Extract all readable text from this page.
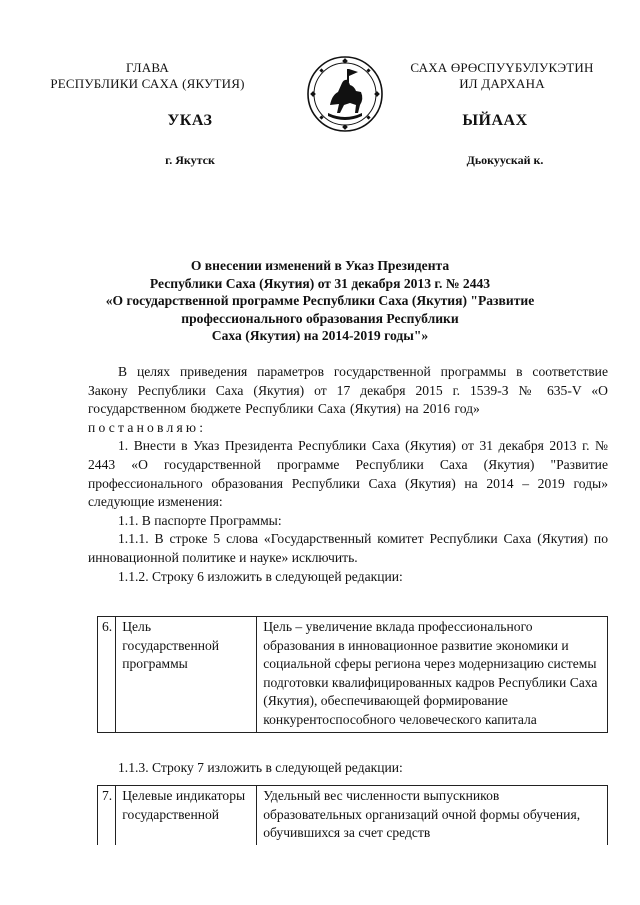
ГЛАВА
РЕСПУБЛИКИ САХА (ЯКУТИЯ)
САХА ӨРӨСПУҮБУЛУКЭТИН
ИЛ ДАРХАНА
УКАЗ	ЫЙААХ
г. Якутск	Дьокуускай к.
О внесении изменений в Указ Президента
Республики Саха (Якутия) от 31 декабря 2013 г. № 2443
«О государственной программе Республики Саха (Якутия) "Развитие
профессионального образования Республики
Саха (Якутия) на 2014-2019 годы"»

В целях приведения параметров государственной программы в соответствие Закону Республики Саха (Якутия) от 17 декабря 2015 г. 1539-З № 635-V «О государственном бюджете Республики Саха (Якутия) на 2016 год»

постановляю:

1. Внести в Указ Президента Республики Саха (Якутия) от 31 декабря 2013 г. № 2443 «О государственной программе Республики Саха (Якутия) "Развитие профессионального образования Республики Саха (Якутия) на 2014 – 2019 годы» следующие изменения:

1.1. В паспорте Программы:

1.1.1. В строке 5 слова «Государственный комитет Республики Саха (Якутия) по инновационной политике и науке» исключить.

1.1.2. Строку 6 изложить в следующей редакции:

6.	Цель государственной программы	Цель – увеличение вклада профессионального образования в инновационное развитие экономики и социальной сферы региона через модернизацию системы подготовки квалифицированных кадров Республики Саха (Якутия), обеспечивающей формирование конкурентоспособного человеческого капитала
1.1.3. Строку 7 изложить в следующей редакции:
7.	Целевые индикаторы государственной	Удельный вес численности выпускников образовательных организаций очной формы обучения, обучившихся за счет средств
